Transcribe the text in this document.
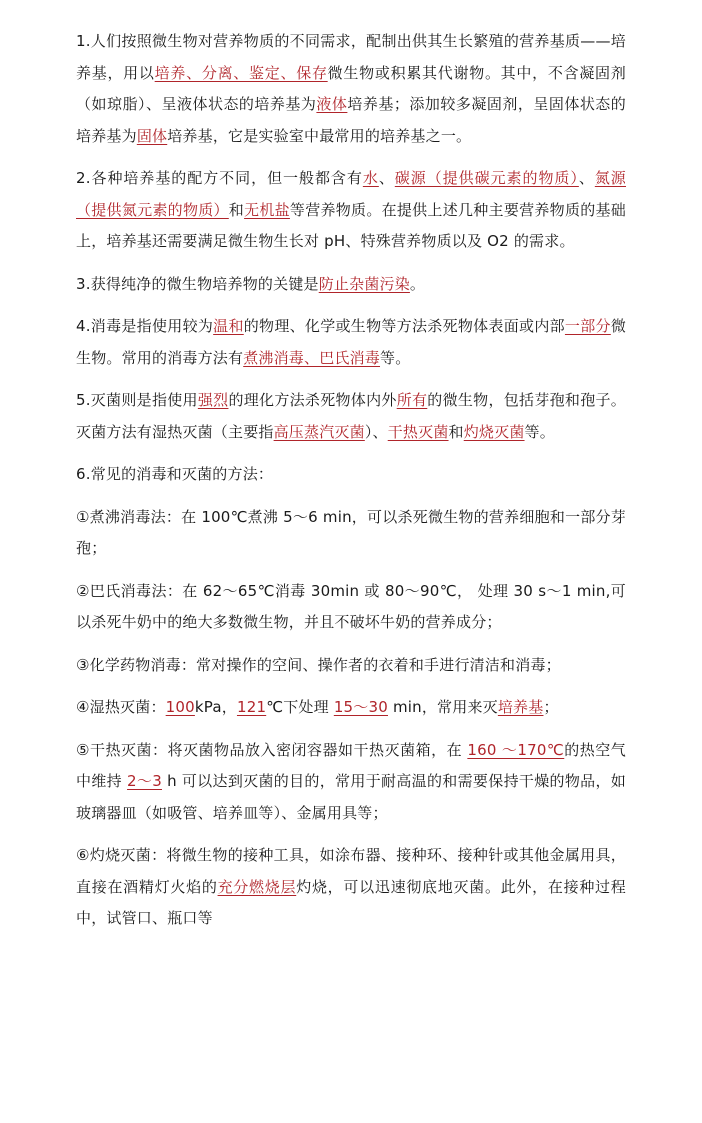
1.人们按照微生物对营养物质的不同需求，配制出供其生长繁殖的营养基质——培养基，用以培养、分离、鉴定、保存微生物或积累其代谢物。其中，不含凝固剂（如琼脂）、呈液体状态的培养基为液体培养基；添加较多凝固剂，呈固体状态的培养基为固体培养基，它是实验室中最常用的培养基之一。

2.各种培养基的配方不同，但一般都含有水、碳源（提供碳元素的物质）、氮源（提供氮元素的物质）和无机盐等营养物质。在提供上述几种主要营养物质的基础上，培养基还需要满足微生物生长对 pH、特殊营养物质以及 O2 的需求。

3.获得纯净的微生物培养物的关键是防止杂菌污染。

4.消毒是指使用较为温和的物理、化学或生物等方法杀死物体表面或内部一部分微生物。常用的消毒方法有煮沸消毒、巴氏消毒等。

5.灭菌则是指使用强烈的理化方法杀死物体内外所有的微生物，包括芽孢和孢子。灭菌方法有湿热灭菌（主要指高压蒸汽灭菌）、干热灭菌和灼烧灭菌等。

6.常见的消毒和灭菌的方法：

①煮沸消毒法：在 100℃煮沸 5～6 min，可以杀死微生物的营养细胞和一部分芽孢；

②巴氏消毒法：在 62～65℃消毒 30min 或 80～90℃， 处理 30 s～1 min,可以杀死牛奶中的绝大多数微生物，并且不破坏牛奶的营养成分；

③化学药物消毒：常对操作的空间、操作者的衣着和手进行清洁和消毒；

④湿热灭菌：100kPa，121℃下处理 15～30 min，常用来灭培养基；

⑤干热灭菌：将灭菌物品放入密闭容器如干热灭菌箱，在 160 ～170℃的热空气中维持 2～3 h 可以达到灭菌的目的，常用于耐高温的和需要保持干燥的物品，如玻璃器皿（如吸管、培养皿等）、金属用具等；

⑥灼烧灭菌：将微生物的接种工具，如涂布器、接种环、接种针或其他金属用具，直接在酒精灯火焰的充分燃烧层灼烧，可以迅速彻底地灭菌。此外，在接种过程中，试管口、瓶口等
